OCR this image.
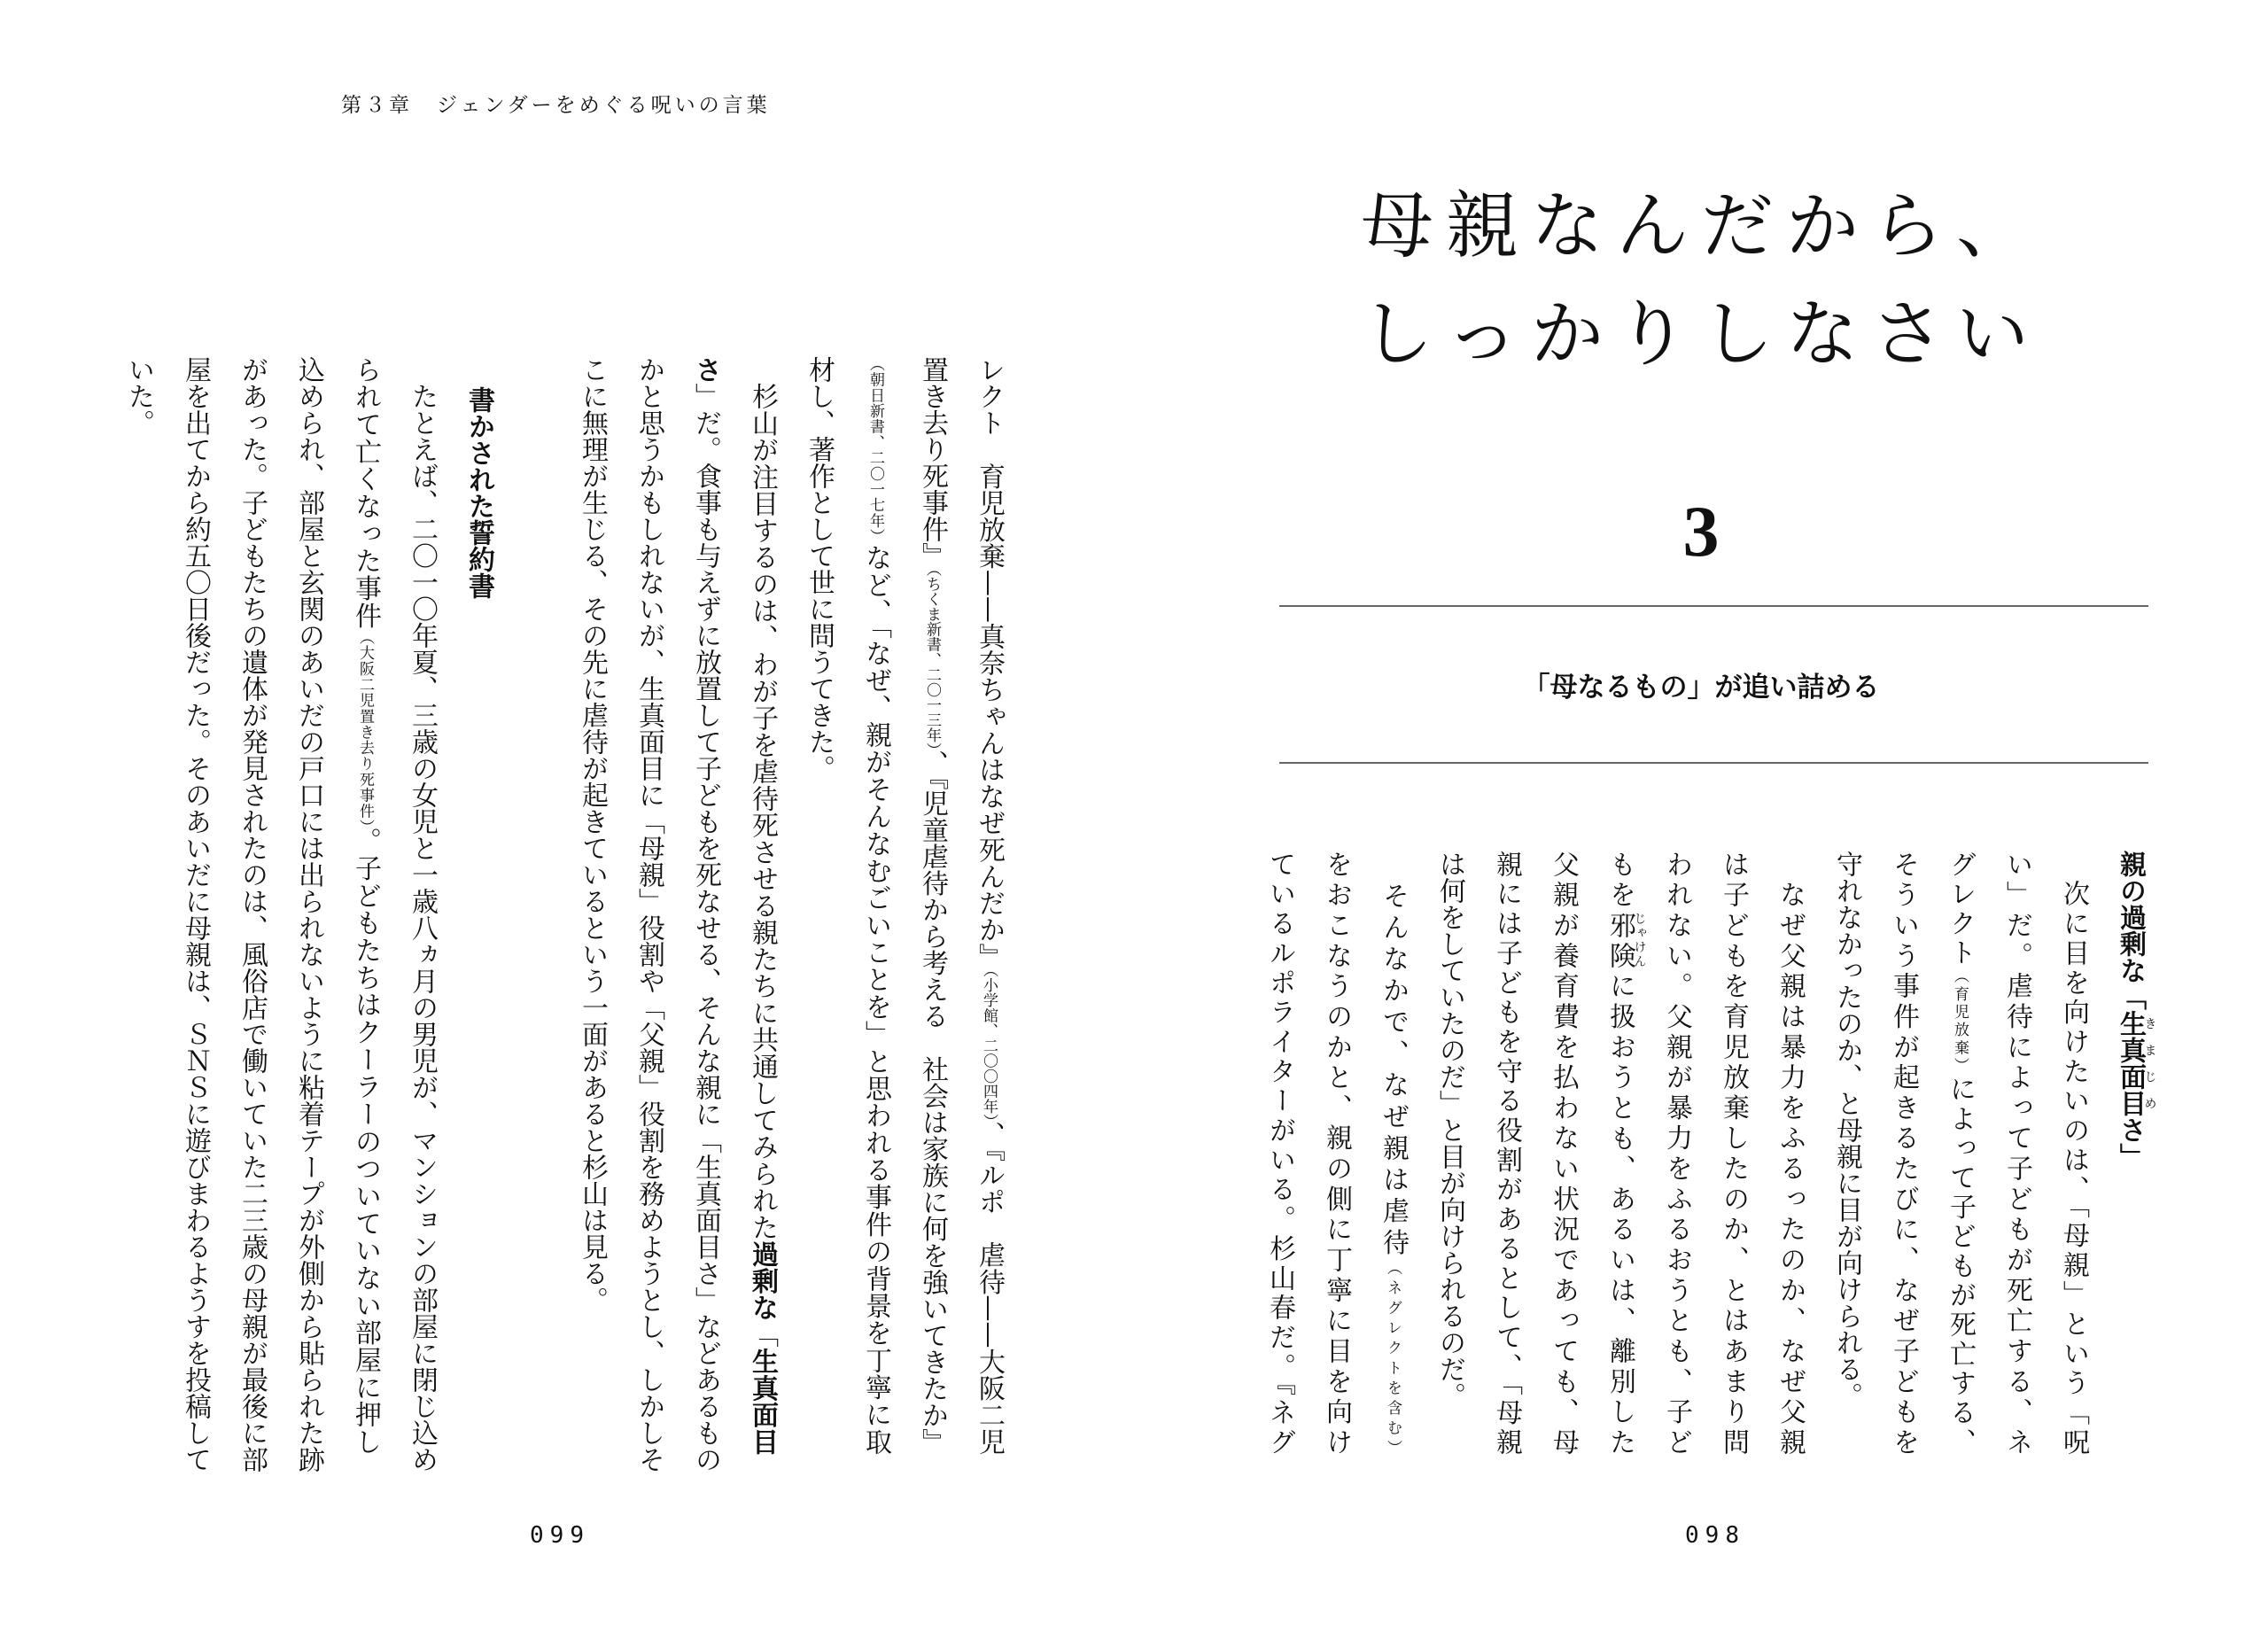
第３章　ジェンダーをめぐる呪いの言葉
レクト　育児放棄——真奈ちゃんはなぜ死んだか』（小学館、二〇〇四年）、『ルポ　虐待——大阪二児
置き去り死事件』（ちくま新書、二〇一三年）、『児童虐待から考える　社会は家族に何を強いてきたか』
（朝日新書、二〇一七年）など、「なぜ、親がそんなむごいことを」と思われる事件の背景を丁寧に取
材し、著作として世に問うてきた。
　杉山が注目するのは、わが子を虐待死させる親たちに共通してみられた過剰な「生真面目
さ」だ。食事も与えずに放置して子どもを死なせる、そんな親に「生真面目さ」などあるもの
かと思うかもしれないが、生真面目に「母親」役割や「父親」役割を務めようとし、しかしそ
こに無理が生じる、その先に虐待が起きているという一面があると杉山は見る。
書かされた誓約書
　たとえば、二〇一〇年夏、三歳の女児と一歳八ヵ月の男児が、マンションの部屋に閉じ込め
られて亡くなった事件（大阪二児置き去り死事件）。子どもたちはクーラーのついていない部屋に押し
込められ、部屋と玄関のあいだの戸口には出られないように粘着テープが外側から貼られた跡
があった。子どもたちの遺体が発見されたのは、風俗店で働いていた二三歳の母親が最後に部
屋を出てから約五〇日後だった。そのあいだに母親は、ＳＮＳに遊びまわるようすを投稿して
いた。
099
母親なんだから、
しっかりしなさい
3
「母なるもの」が追い詰める
親の過剰な「生真面目きまじめさ」
　次に目を向けたいのは、「母親」という「呪
い」だ。虐待によって子どもが死亡する、ネ
グレクト（育児放棄）によって子どもが死亡する、
そういう事件が起きるたびに、なぜ子どもを
守れなかったのか、と母親に目が向けられる。
　なぜ父親は暴力をふるったのか、なぜ父親
は子どもを育児放棄したのか、とはあまり問
われない。父親が暴力をふるおうとも、子ど
もを邪険じゃけんに扱おうとも、あるいは、離別した
父親が養育費を払わない状況であっても、母
親には子どもを守る役割があるとして、「母親
は何をしていたのだ」と目が向けられるのだ。
　そんなかで、なぜ親は虐待（ネグレクトを含む）
をおこなうのかと、親の側に丁寧に目を向け
ているルポライターがいる。杉山春だ。『ネグ
098
